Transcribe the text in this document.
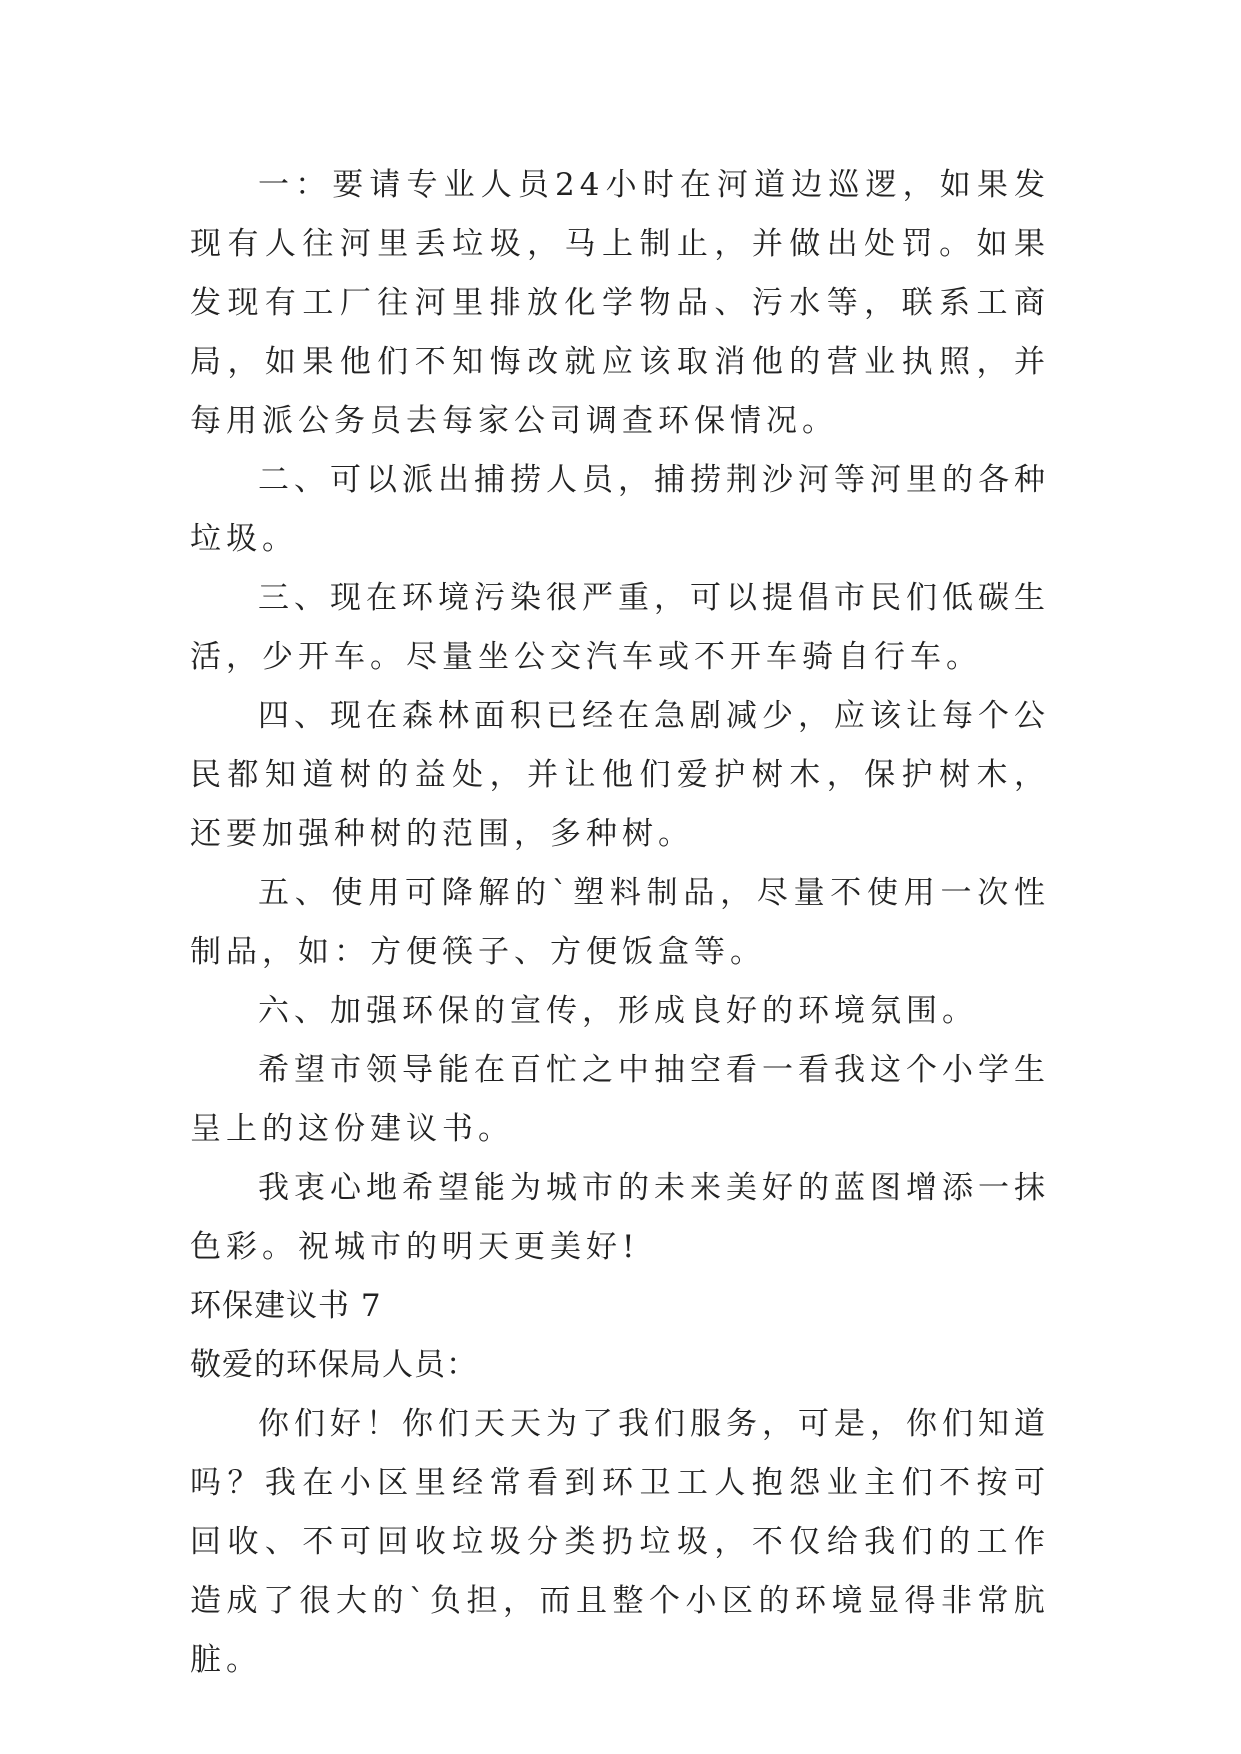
一：要请专业人员24小时在河道边巡逻，如果发现有人往河里丢垃圾，马上制止，并做出处罚。如果发现有工厂往河里排放化学物品、污水等，联系工商局，如果他们不知悔改就应该取消他的营业执照，并每用派公务员去每家公司调查环保情况。

二、可以派出捕捞人员，捕捞荆沙河等河里的各种垃圾。

三、现在环境污染很严重，可以提倡市民们低碳生活，少开车。尽量坐公交汽车或不开车骑自行车。

四、现在森林面积已经在急剧减少，应该让每个公民都知道树的益处，并让他们爱护树木，保护树木，还要加强种树的范围，多种树。

五、使用可降解的`塑料制品，尽量不使用一次性制品，如：方便筷子、方便饭盒等。

六、加强环保的宣传，形成良好的环境氛围。

希望市领导能在百忙之中抽空看一看我这个小学生呈上的这份建议书。

我衷心地希望能为城市的未来美好的蓝图增添一抹色彩。祝城市的明天更美好!

环保建议书 7

敬爱的环保局人员：

你们好！你们天天为了我们服务，可是，你们知道吗？我在小区里经常看到环卫工人抱怨业主们不按可回收、不可回收垃圾分类扔垃圾，不仅给我们的工作造成了很大的`负担，而且整个小区的环境显得非常肮脏。
